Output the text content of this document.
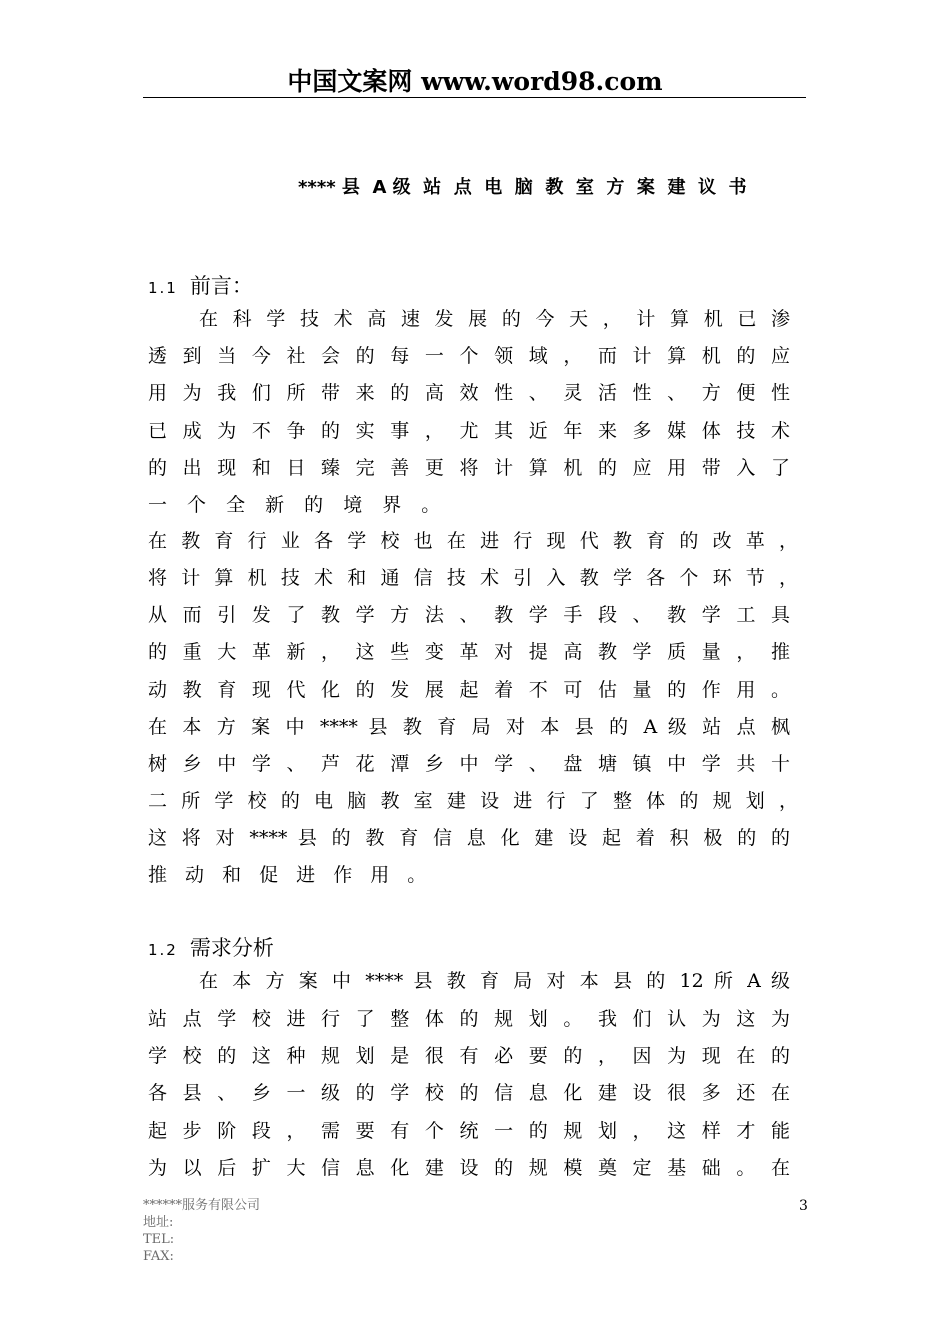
中国文案网 www.word98.com
**** 县  A 级  站  点  电  脑  教  室  方  案  建  议  书
1.1 前言：
在 科 学 技 术 高 速 发 展 的 今 天 ， 计 算 机 已 渗
透 到 当 今 社 会 的 每 一 个 领 域 ， 而 计 算 机 的 应
用 为 我 们 所 带 来 的 高 效 性 、 灵 活 性 、 方 便 性
已 成 为 不 争 的 实 事 ， 尤 其 近 年 来 多 媒 体 技 术
的 出 现 和 日 臻 完 善 更 将 计 算 机 的 应 用 带 入 了
一 个 全 新 的 境 界 。
在 教 育 行 业 各 学 校 也 在 进 行 现 代 教 育 的 改 革 ，
将 计 算 机 技 术 和 通 信 技 术 引 入 教 学 各 个 环 节 ，
从 而 引 发 了 教 学 方 法 、 教 学 手 段 、 教 学 工 具
的 重 大 革 新 ， 这 些 变 革 对 提 高 教 学 质 量 ， 推
动 教 育 现 代 化 的 发 展 起 着 不 可 估 量 的 作 用 。
在 本 方 案 中 **** 县 教 育 局 对 本 县 的 A 级 站 点 枫
树 乡 中 学 、 芦 花 潭 乡 中 学 、 盘 塘 镇 中 学 共 十
二 所 学 校 的 电 脑 教 室 建 设 进 行 了 整 体 的 规 划 ，
这 将 对 **** 县 的 教 育 信 息 化 建 设 起 着 积 极 的 的
推 动 和 促 进 作 用 。
1.2 需求分析
在 本 方 案 中 **** 县 教 育 局 对 本 县 的 12 所 A 级
站 点 学 校 进 行 了 整 体 的 规 划 。 我 们 认 为 这 为
学 校 的 这 种 规 划 是 很 有 必 要 的 ， 因 为 现 在 的
各 县 、 乡 一 级 的 学 校 的 信 息 化 建 设 很 多 还 在
起 步 阶 段 ， 需 要 有 个 统 一 的 规 划 ， 这 样 才 能
为 以 后 扩 大 信 息 化 建 设 的 规 模 奠 定 基 础 。 在
******服务有限公司
地址:
TEL:
FAX:
3
